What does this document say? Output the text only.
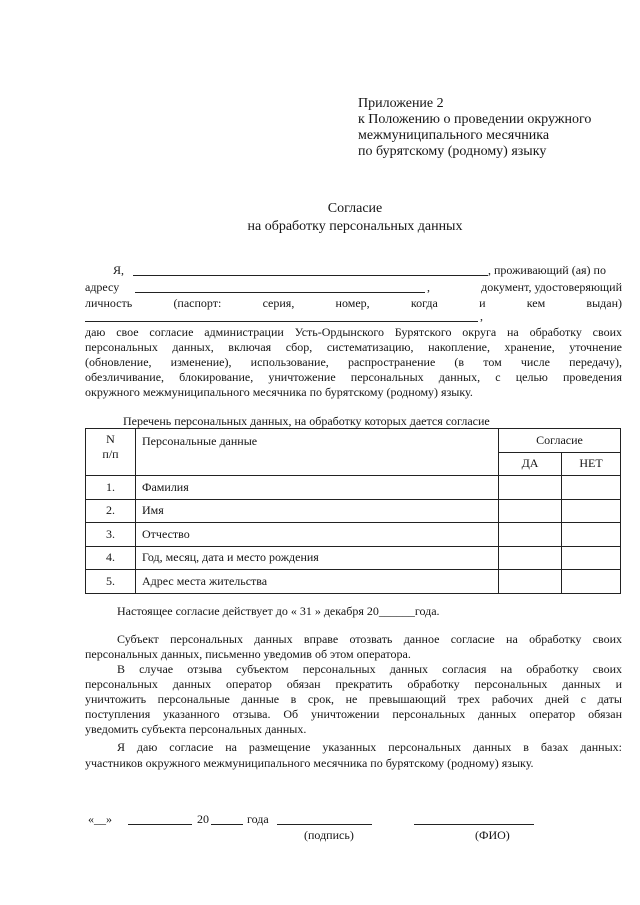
Приложение 2
к Положению о проведении окружного
межмуниципального месячника
по бурятскому (родному) языку
Согласие
на обработку персональных данных
Я,	, проживающий (ая) по
адресу	,	документ, удостоверяющий
личность	(паспорт:	серия,	номер,	когда	и	кем	выдан)
,
даю свое согласие администрации Усть-Ордынского Бурятского округа на обработку своих
персональных данных, включая сбор, систематизацию, накопление, хранение, уточнение
(обновление, изменение), использование, распространение (в том числе передачу),
обезличивание, блокирование, уничтожение персональных данных, с целью проведения
окружного межмуниципального месячника по бурятскому (родному) языку.
Перечень персональных данных, на обработку которых дается согласие
N
п/п	Персональные данные	Согласие	
		ДА	НЕТ
1.	Фамилия		
2.	Имя		
3.	Отчество		
4.	Год, месяц, дата и место рождения		
5.	Адрес места жительства		
Настоящее согласие действует до « 31 » декабря 20______года.
Субъект персональных данных вправе отозвать данное согласие на обработку своих
персональных данных, письменно уведомив об этом оператора.
В случае отзыва субъектом персональных данных согласия на обработку своих
персональных данных оператор обязан прекратить обработку персональных данных и
уничтожить персональные данные в срок, не превышающий трех рабочих дней с даты
поступления указанного отзыва. Об уничтожении персональных данных оператор обязан
уведомить субъекта персональных данных.
Я даю согласие на размещение указанных персональных данных в базах данных:
участников окружного межмуниципального месячника по бурятскому (родному) языку.
«__»	20	года
(подпись)	(ФИО)
